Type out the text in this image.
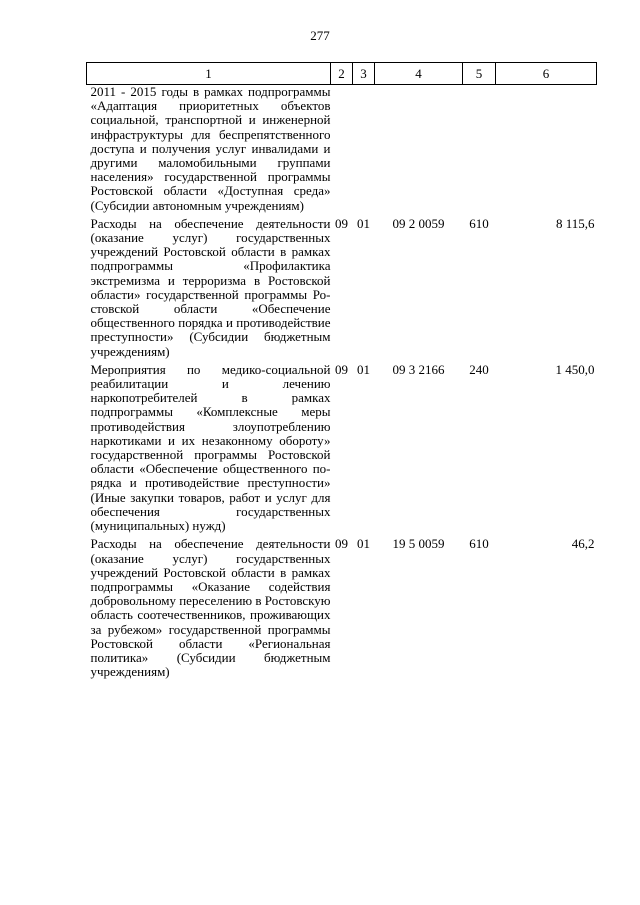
277
1	2	3	4	5	6
2011 - 2015 годы в рамках подпрограммы «Адаптация приоритетных объектов социальной, транспортной и инженерной инфраструктуры для беспрепятственного доступа и получения услуг инвалидами и другими маломобильными группами населения» государственной программы Ростовской области «Доступная среда» (Субсидии автономным учреждениям)					
Расходы на обеспечение деятельности (оказание услуг) государственных учреждений Ростовской области в рамках подпрограммы «Профилактика экстремизма и терроризма в Ростовской области» государственной программы Ростовской области «Обеспечение общественного порядка и противодействие преступности» (Субсидии бюджетным учреждениям)	09	01	09 2 0059	610	8 115,6
Мероприятия по медико-социальной реабилитации и лечению наркопотребителей в рамках подпрограммы «Комплексные меры противодействия злоупотреблению наркотиками и их незаконному обороту» государственной программы Ростовской области «Обеспечение общественного порядка и противодействие преступности» (Иные закупки товаров, работ и услуг для обеспечения государственных (муниципальных) нужд)	09	01	09 3 2166	240	1 450,0
Расходы на обеспечение деятельности (оказание услуг) государственных учреждений Ростовской области в рамках подпрограммы «Оказание содействия добровольному переселению в Ростовскую область соотечественников, проживающих за рубежом» государственной программы Ростовской области «Региональная политика» (Субсидии бюджетным учреждениям)	09	01	19 5 0059	610	46,2
